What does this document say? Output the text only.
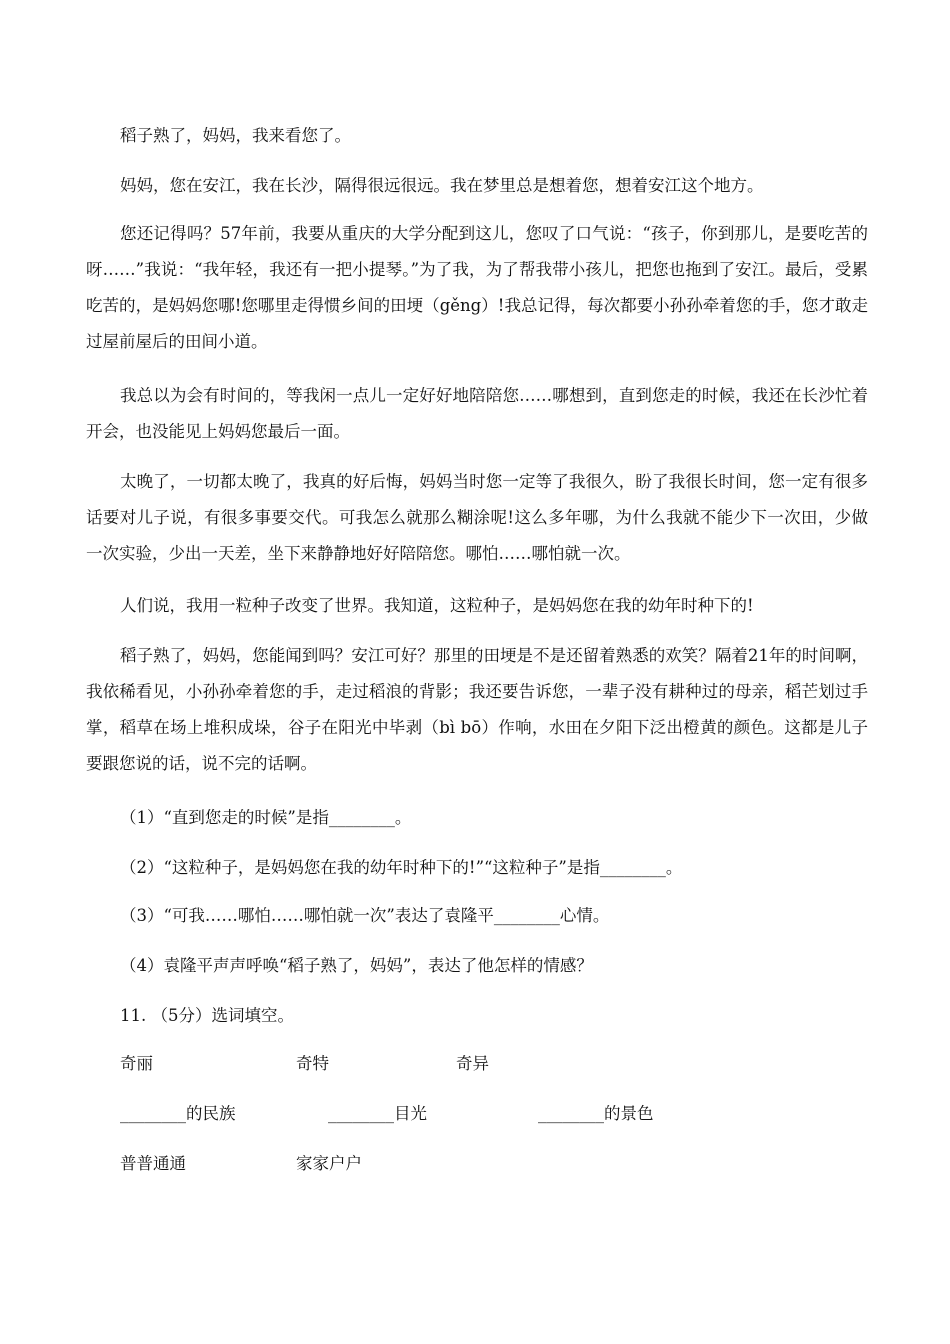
稻子熟了，妈妈，我来看您了。
妈妈，您在安江，我在长沙，隔得很远很远。我在梦里总是想着您，想着安江这个地方。
您还记得吗？57年前，我要从重庆的大学分配到这儿，您叹了口气说：“孩子，你到那儿，是要吃苦的呀……”我说：“我年轻，我还有一把小提琴。”为了我，为了帮我带小孩儿，把您也拖到了安江。最后，受累吃苦的，是妈妈您哪!您哪里走得惯乡间的田埂（gěng）!我总记得，每次都要小孙孙牵着您的手，您才敢走过屋前屋后的田间小道。
我总以为会有时间的，等我闲一点儿一定好好地陪陪您……哪想到，直到您走的时候，我还在长沙忙着开会，也没能见上妈妈您最后一面。
太晚了，一切都太晚了，我真的好后悔，妈妈当时您一定等了我很久，盼了我很长时间，您一定有很多话要对儿子说，有很多事要交代。可我怎么就那么糊涂呢!这么多年哪，为什么我就不能少下一次田，少做一次实验，少出一天差，坐下来静静地好好陪陪您。哪怕……哪怕就一次。
人们说，我用一粒种子改变了世界。我知道，这粒种子，是妈妈您在我的幼年时种下的!
稻子熟了，妈妈，您能闻到吗？安江可好？那里的田埂是不是还留着熟悉的欢笑？隔着21年的时间啊，我依稀看见，小孙孙牵着您的手，走过稻浪的背影；我还要告诉您，一辈子没有耕种过的母亲，稻芒划过手掌，稻草在场上堆积成垛，谷子在阳光中毕剥（bì bō）作响，水田在夕阳下泛出橙黄的颜色。这都是儿子要跟您说的话，说不完的话啊。
（1）“直到您走的时候”是指________。
（2）“这粒种子，是妈妈您在我的幼年时种下的!”“这粒种子”是指________。
（3）“可我……哪怕……哪怕就一次”表达了袁隆平________心情。
（4）袁隆平声声呼唤“稻子熟了，妈妈”，表达了他怎样的情感？
11. （5分）选词填空。
奇丽	奇特	奇异
________的民族	________目光	________的景色
普普通通	家家户户
